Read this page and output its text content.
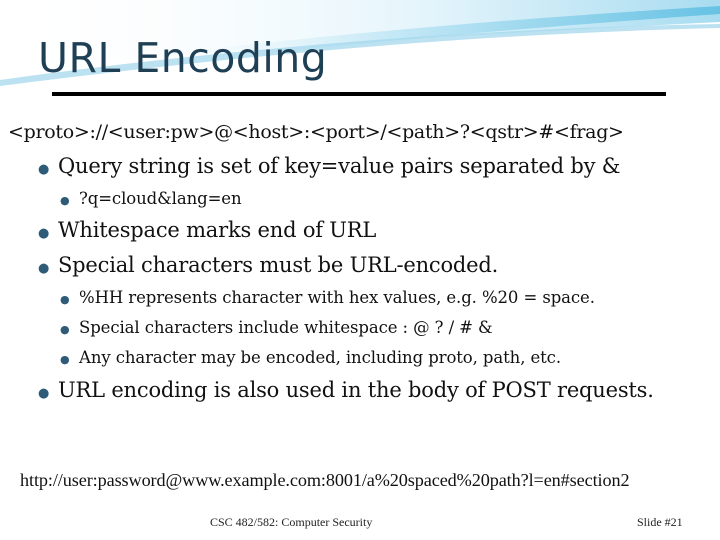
URL Encoding
<proto>://<user:pw>@<host>:<port>/<path>?<qstr>#<frag>
● Query string is set of key=value pairs separated by &
● ?q=cloud&lang=en
● Whitespace marks end of URL
● Special characters must be URL-encoded.
● %HH represents character with hex values, e.g. %20 = space.
● Special characters include whitespace : @ ? / # &
● Any character may be encoded, including proto, path, etc.
● URL encoding is also used in the body of POST requests.
http://user:password@www.example.com:8001/a%20spaced%20path?l=en#section2
CSC 482/582: Computer Security	Slide #21
